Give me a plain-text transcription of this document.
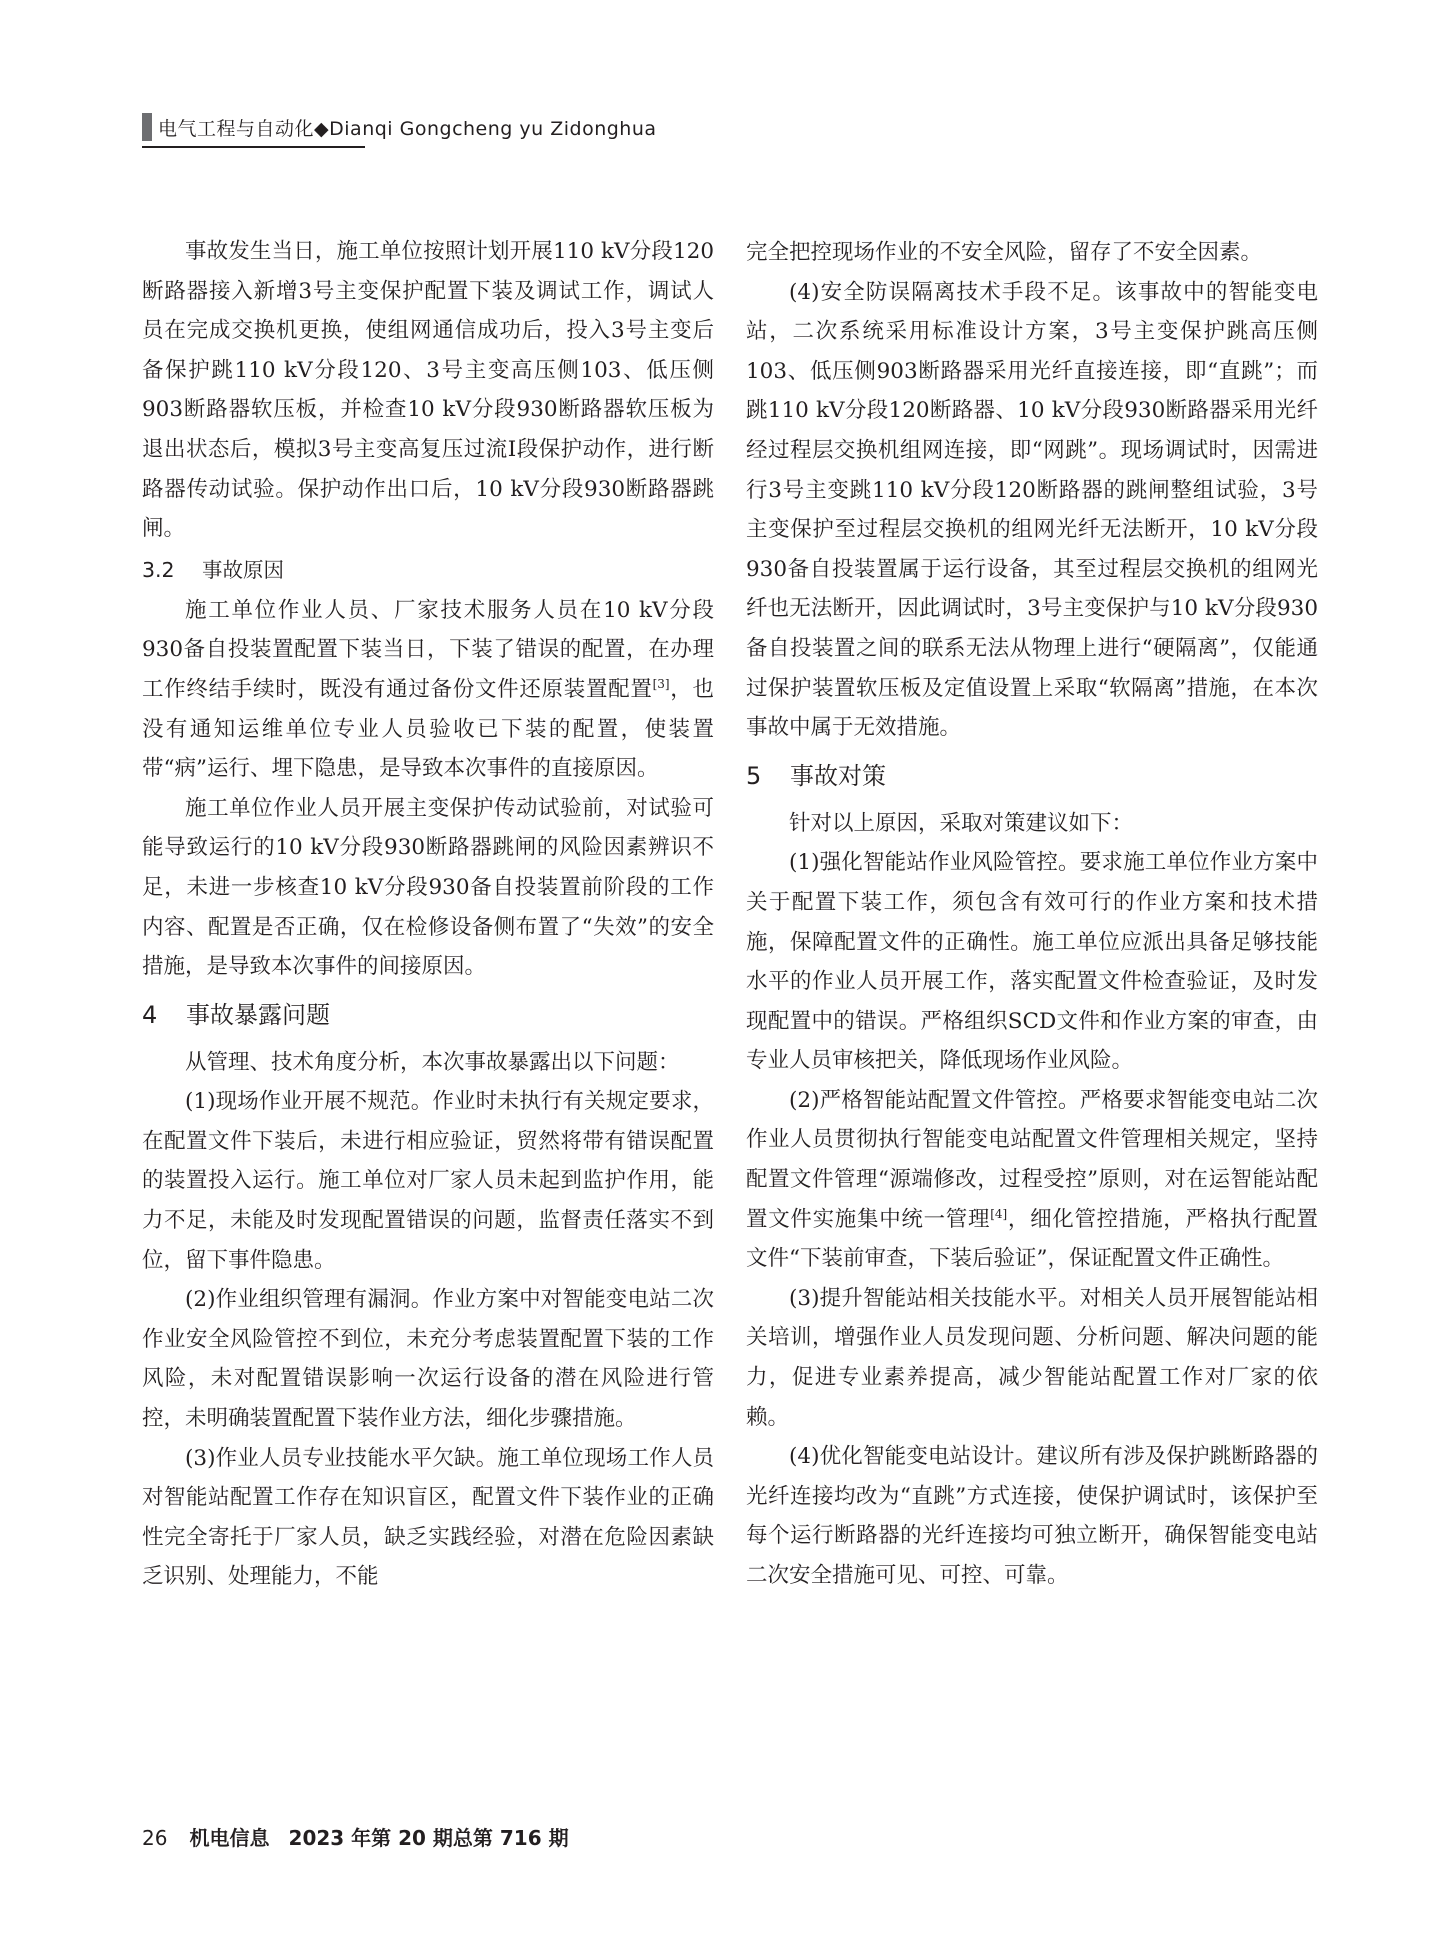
电气工程与自动化◆Dianqi Gongcheng yu Zidonghua

事故发生当日，施工单位按照计划开展110 kV分段120断路器接入新增3号主变保护配置下装及调试工作，调试人员在完成交换机更换，使组网通信成功后，投入3号主变后备保护跳110 kV分段120、3号主变高压侧103、低压侧903断路器软压板，并检查10 kV分段930断路器软压板为退出状态后，模拟3号主变高复压过流Ⅰ段保护动作，进行断路器传动试验。保护动作出口后，10 kV分段930断路器跳闸。

3.2 事故原因

施工单位作业人员、厂家技术服务人员在10 kV分段930备自投装置配置下装当日，下装了错误的配置，在办理工作终结手续时，既没有通过备份文件还原装置配置[3]，也没有通知运维单位专业人员验收已下装的配置，使装置带“病”运行、埋下隐患，是导致本次事件的直接原因。

施工单位作业人员开展主变保护传动试验前，对试验可能导致运行的10 kV分段930断路器跳闸的风险因素辨识不足，未进一步核查10 kV分段930备自投装置前阶段的工作内容、配置是否正确，仅在检修设备侧布置了“失效”的安全措施，是导致本次事件的间接原因。

4 事故暴露问题

从管理、技术角度分析，本次事故暴露出以下问题：

(1)现场作业开展不规范。作业时未执行有关规定要求，在配置文件下装后，未进行相应验证，贸然将带有错误配置的装置投入运行。施工单位对厂家人员未起到监护作用，能力不足，未能及时发现配置错误的问题，监督责任落实不到位，留下事件隐患。

(2)作业组织管理有漏洞。作业方案中对智能变电站二次作业安全风险管控不到位，未充分考虑装置配置下装的工作风险，未对配置错误影响一次运行设备的潜在风险进行管控，未明确装置配置下装作业方法，细化步骤措施。

(3)作业人员专业技能水平欠缺。施工单位现场工作人员对智能站配置工作存在知识盲区，配置文件下装作业的正确性完全寄托于厂家人员，缺乏实践经验，对潜在危险因素缺乏识别、处理能力，不能

完全把控现场作业的不安全风险，留存了不安全因素。

(4)安全防误隔离技术手段不足。该事故中的智能变电站，二次系统采用标准设计方案，3号主变保护跳高压侧103、低压侧903断路器采用光纤直接连接，即“直跳”；而跳110 kV分段120断路器、10 kV分段930断路器采用光纤经过程层交换机组网连接，即“网跳”。现场调试时，因需进行3号主变跳110 kV分段120断路器的跳闸整组试验，3号主变保护至过程层交换机的组网光纤无法断开，10 kV分段930备自投装置属于运行设备，其至过程层交换机的组网光纤也无法断开，因此调试时，3号主变保护与10 kV分段930备自投装置之间的联系无法从物理上进行“硬隔离”，仅能通过保护装置软压板及定值设置上采取“软隔离”措施，在本次事故中属于无效措施。

5 事故对策

针对以上原因，采取对策建议如下：

(1)强化智能站作业风险管控。要求施工单位作业方案中关于配置下装工作，须包含有效可行的作业方案和技术措施，保障配置文件的正确性。施工单位应派出具备足够技能水平的作业人员开展工作，落实配置文件检查验证，及时发现配置中的错误。严格组织SCD文件和作业方案的审查，由专业人员审核把关，降低现场作业风险。

(2)严格智能站配置文件管控。严格要求智能变电站二次作业人员贯彻执行智能变电站配置文件管理相关规定，坚持配置文件管理“源端修改，过程受控”原则，对在运智能站配置文件实施集中统一管理[4]，细化管控措施，严格执行配置文件“下装前审查，下装后验证”，保证配置文件正确性。

(3)提升智能站相关技能水平。对相关人员开展智能站相关培训，增强作业人员发现问题、分析问题、解决问题的能力，促进专业素养提高，减少智能站配置工作对厂家的依赖。

(4)优化智能变电站设计。建议所有涉及保护跳断路器的光纤连接均改为“直跳”方式连接，使保护调试时，该保护至每个运行断路器的光纤连接均可独立断开，确保智能变电站二次安全措施可见、可控、可靠。

26 机电信息 2023 年第 20 期总第 716 期
